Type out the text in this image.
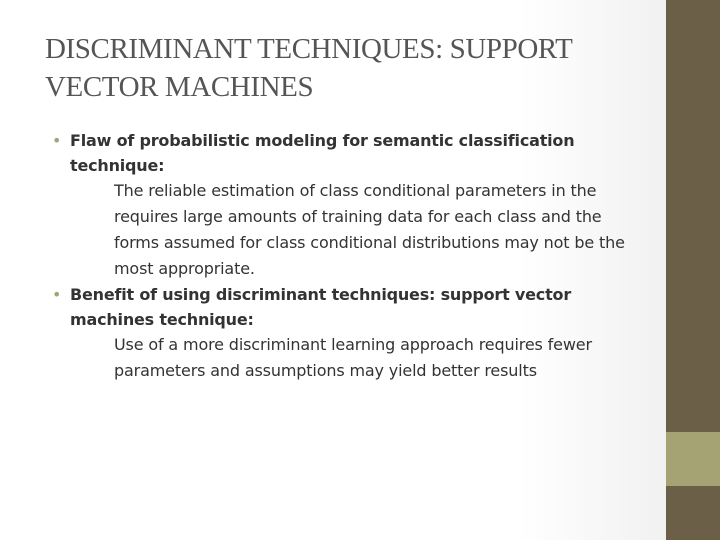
DISCRIMINANT TECHNIQUES: SUPPORT
VECTOR MACHINES
• Flaw of probabilistic modeling for semantic classification technique:
The reliable estimation of class conditional parameters in the requires large amounts of training data for each class and the forms assumed for class conditional distributions may not be the most appropriate.
• Benefit of using discriminant techniques: support vector machines technique:
Use of a more discriminant learning approach requires fewer parameters and assumptions may yield better results
